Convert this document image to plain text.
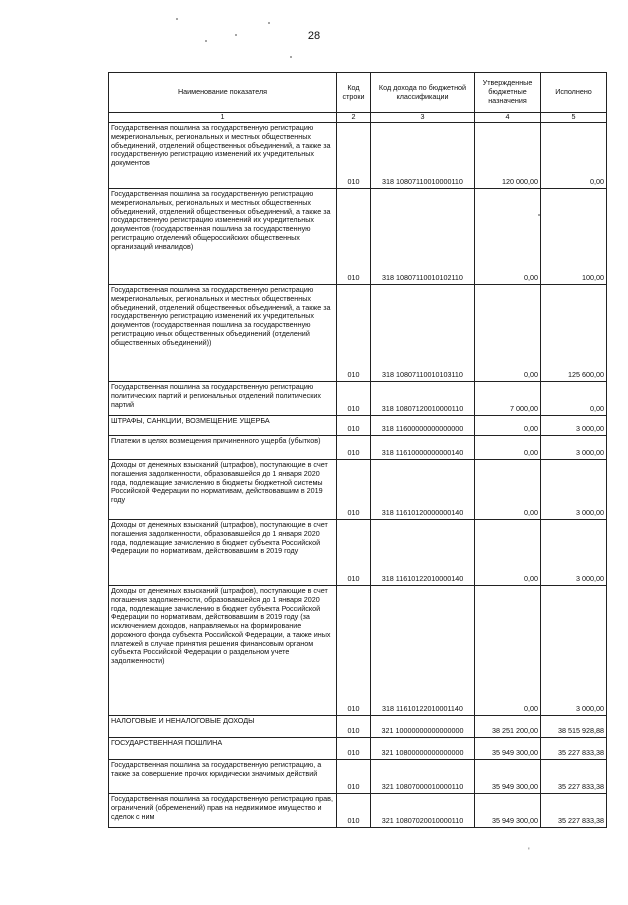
28
Наименование показателя	Код строки	Код дохода по бюджетной классификации	Утвержденные бюджетные назначения	Исполнено
1	2	3	4	5
Государственная пошлина за государственную регистрацию межрегиональных, региональных и местных общественных объединений, отделений общественных объединений, а также за государственную регистрацию изменений их учредительных документов	010	318 10807110010000110	120 000,00	0,00
Государственная пошлина за государственную регистрацию межрегиональных, региональных и местных общественных объединений, отделений общественных объединений, а также за государственную регистрацию изменений их учредительных документов (государственная пошлина за государственную регистрацию отделений общероссийских общественных организаций инвалидов)	010	318 10807110010102110	0,00	100,00
Государственная пошлина за государственную регистрацию межрегиональных, региональных и местных общественных объединений, отделений общественных объединений, а также за государственную регистрацию изменений их учредительных документов (государственная пошлина за государственную регистрацию иных общественных объединений (отделений общественных объединений))	010	318 10807110010103110	0,00	125 600,00
Государственная пошлина за государственную регистрацию политических партий и региональных отделений политических партий	010	318 10807120010000110	7 000,00	0,00
ШТРАФЫ, САНКЦИИ, ВОЗМЕЩЕНИЕ УЩЕРБА	010	318 11600000000000000	0,00	3 000,00
Платежи в целях возмещения причиненного ущерба (убытков)	010	318 11610000000000140	0,00	3 000,00
Доходы от денежных взысканий (штрафов), поступающие в счет погашения задолженности, образовавшейся до 1 января 2020 года, подлежащие зачислению в бюджеты бюджетной системы Российской Федерации по нормативам, действовавшим в 2019 году	010	318 11610120000000140	0,00	3 000,00
Доходы от денежных взысканий (штрафов), поступающие в счет погашения задолженности, образовавшейся до 1 января 2020 года, подлежащие зачислению в бюджет субъекта Российской Федерации по нормативам, действовавшим в 2019 году	010	318 11610122010000140	0,00	3 000,00
Доходы от денежных взысканий (штрафов), поступающие в счет погашения задолженности, образовавшейся до 1 января 2020 года, подлежащие зачислению в бюджет субъекта Российской Федерации по нормативам, действовавшим в 2019 году (за исключением доходов, направляемых на формирование дорожного фонда субъекта Российской Федерации, а также иных платежей в случае принятия решения финансовым органом субъекта Российской Федерации о раздельном учете задолженности)	010	318 11610122010001140	0,00	3 000,00
НАЛОГОВЫЕ И НЕНАЛОГОВЫЕ ДОХОДЫ	010	321 10000000000000000	38 251 200,00	38 515 928,88
ГОСУДАРСТВЕННАЯ ПОШЛИНА	010	321 10800000000000000	35 949 300,00	35 227 833,38
Государственная пошлина за государственную регистрацию, а также за совершение прочих юридически значимых действий	010	321 10807000010000110	35 949 300,00	35 227 833,38
Государственная пошлина за государственную регистрацию прав, ограничений (обременений) прав на недвижимое имущество и сделок с ним	010	321 10807020010000110	35 949 300,00	35 227 833,38
'
